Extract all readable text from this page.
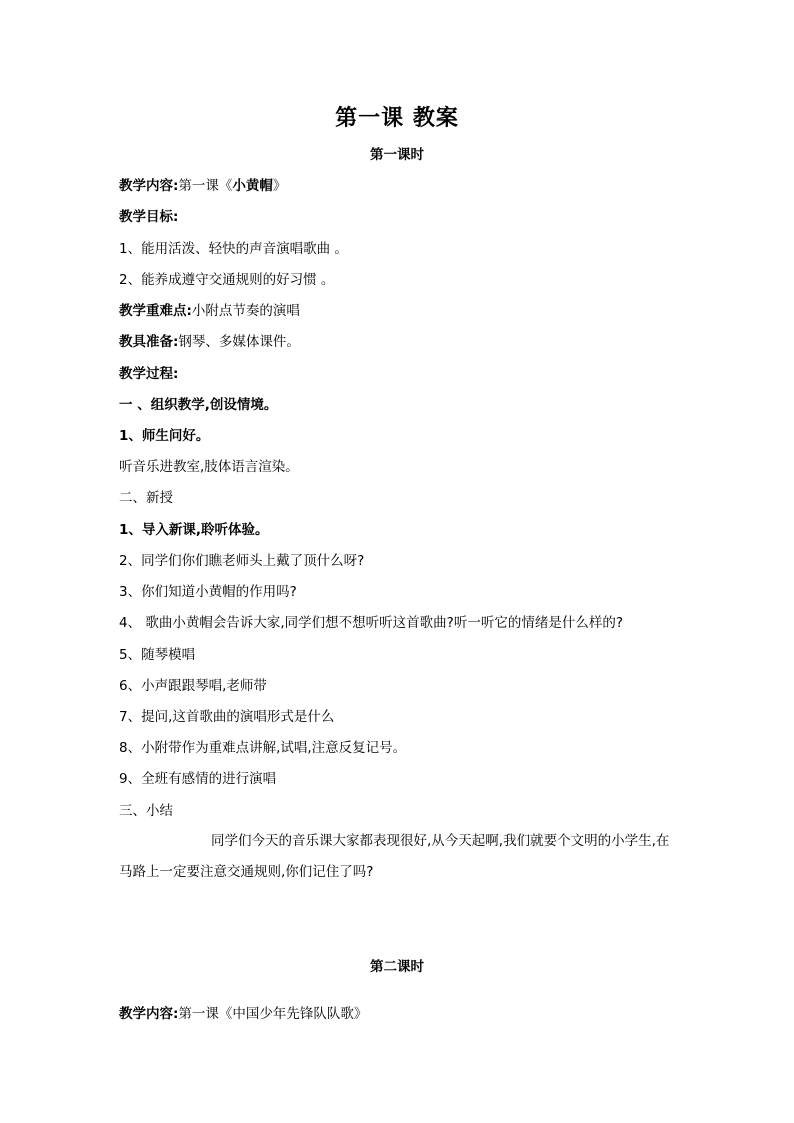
第一课 教案
第一课时
教学内容:第一课《小黄帽》
教学目标:
1、能用活泼、轻快的声音演唱歌曲 。
2、能养成遵守交通规则的好习惯 。
教学重难点:小附点节奏的演唱
教具准备:钢琴、多媒体课件。
教学过程:
一 、组织教学,创设情境。
1、师生问好。
听音乐进教室,肢体语言渲染。
二、新授
1、导入新课,聆听体验。
2、同学们你们瞧老师头上戴了顶什么呀?
3、你们知道小黄帽的作用吗?
4、 歌曲小黄帽会告诉大家,同学们想不想听听这首歌曲?听一听它的情绪是什么样的?
5、随琴模唱
6、小声跟跟琴唱,老师带
7、提问,这首歌曲的演唱形式是什么
8、小附带作为重难点讲解,试唱,注意反复记号。
9、全班有感情的进行演唱
三、小结
同学们今天的音乐课大家都表现很好,从今天起啊,我们就要个文明的小学生,在马路上一定要注意交通规则,你们记住了吗?
第二课时
教学内容:第一课《中国少年先锋队队歌》
